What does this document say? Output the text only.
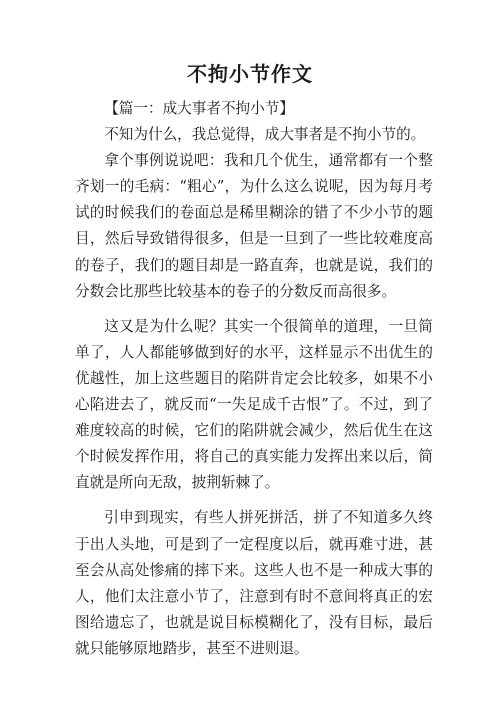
不拘小节作文

【篇一：成大事者不拘小节】

不知为什么，我总觉得，成大事者是不拘小节的。

拿个事例说说吧：我和几个优生，通常都有一个整齐划一的毛病：“粗心”，为什么这么说呢，因为每月考试的时候我们的卷面总是稀里糊涂的错了不少小节的题目，然后导致错得很多，但是一旦到了一些比较难度高的卷子，我们的题目却是一路直奔，也就是说，我们的分数会比那些比较基本的卷子的分数反而高很多。

这又是为什么呢？其实一个很简单的道理，一旦简单了，人人都能够做到好的水平，这样显示不出优生的优越性，加上这些题目的陷阱肯定会比较多，如果不小心陷进去了，就反而“一失足成千古恨”了。不过，到了难度较高的时候，它们的陷阱就会减少，然后优生在这个时候发挥作用，将自己的真实能力发挥出来以后，简直就是所向无敌，披荆斩棘了。

引申到现实，有些人拼死拼活，拼了不知道多久终于出人头地，可是到了一定程度以后，就再难寸进，甚至会从高处惨痛的摔下来。这些人也不是一种成大事的人，他们太注意小节了，注意到有时不意间将真正的宏图给遗忘了，也就是说目标模糊化了，没有目标，最后就只能够原地踏步，甚至不进则退。
